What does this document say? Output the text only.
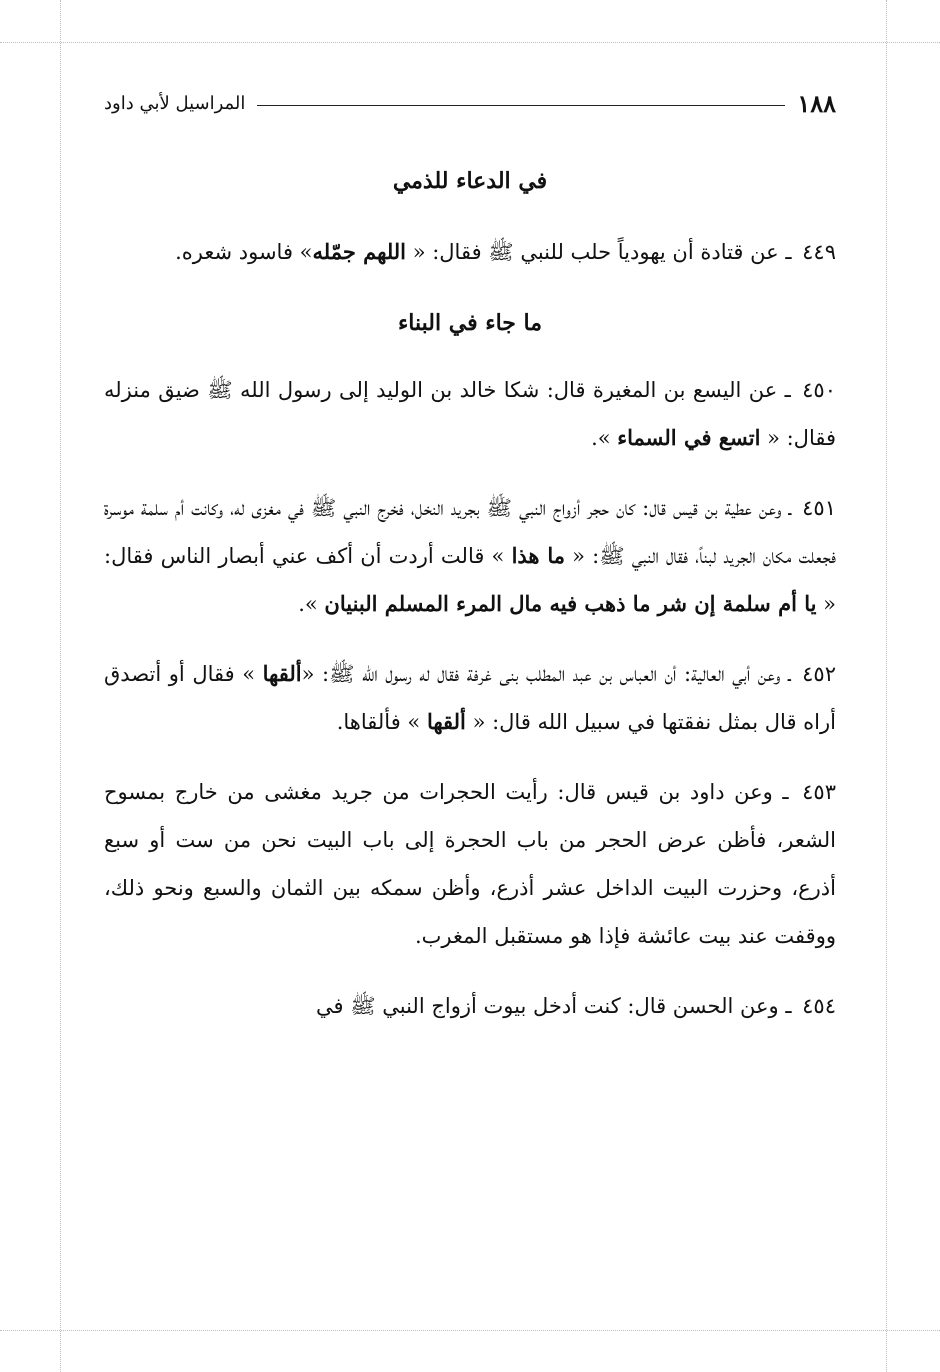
١٨٨
المراسيل لأبي داود
في الدعاء للذمي

٤٤٩ ـ عن قتادة أن يهودياً حلب للنبي ﷺ فقال: « اللهم جمّله» فاسود شعره.

ما جاء في البناء

٤٥٠ ـ عن اليسع بن المغيرة قال: شكا خالد بن الوليد إلى رسول الله ﷺ ضيق منزله فقال: « اتسع في السماء ».

٤٥١ ـ وعن عطية بن قيس قال: كان حجر أزواج النبي ﷺ بجريد النخل، فخرج النبي ﷺ في مغزى له، وكانت أم سلمة موسرة فجعلت مكان الجريد لبناً، فقال النبي ﷺ: « ما هذا » قالت أردت أن أكف عني أبصار الناس فقال: « يا أم سلمة إن شر ما ذهب فيه مال المرء المسلم البنيان ».

٤٥٢ ـ وعن أبي العالية: أن العباس بن عبد المطلب بنى غرفة فقال له رسول الله ﷺ: «ألقها » فقال أو أتصدق أراه قال بمثل نفقتها في سبيل الله قال: « ألقها » فألقاها.

٤٥٣ ـ وعن داود بن قيس قال: رأيت الحجرات من جريد مغشى من خارج بمسوح الشعر، فأظن عرض الحجر من باب الحجرة إلى باب البيت نحن من ست أو سبع أذرع، وحزرت البيت الداخل عشر أذرع، وأظن سمكه بين الثمان والسبع ونحو ذلك، ووقفت عند بيت عائشة فإذا هو مستقبل المغرب.

٤٥٤ ـ وعن الحسن قال: كنت أدخل بيوت أزواج النبي ﷺ في
